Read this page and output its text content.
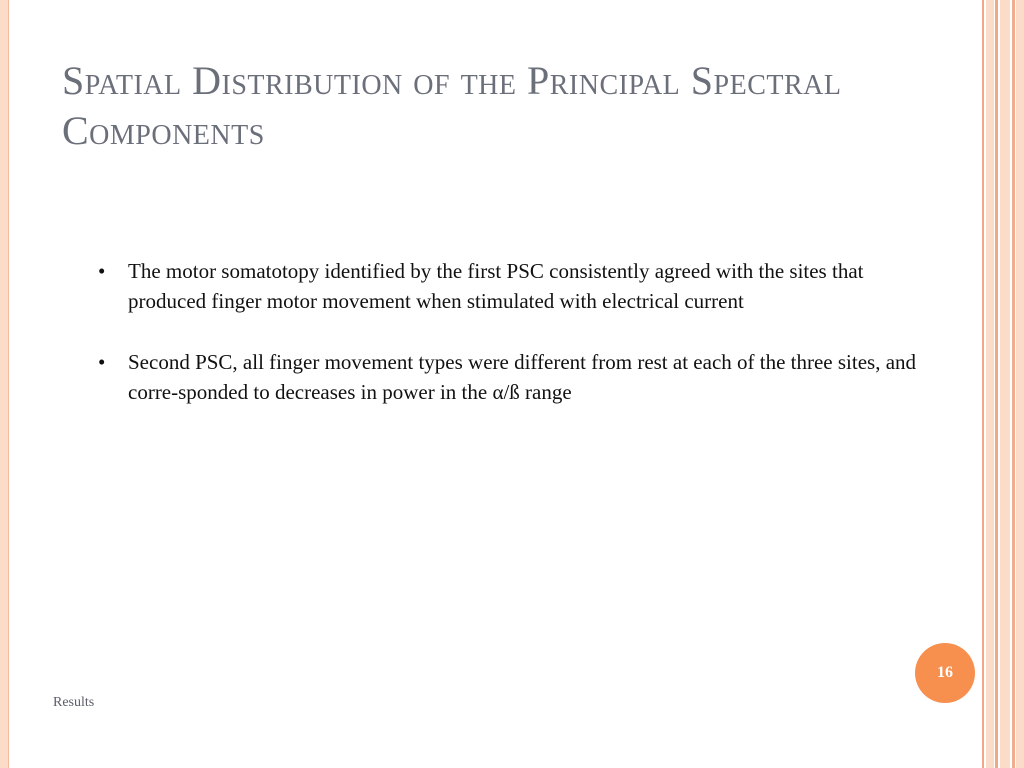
Spatial Distribution of the Principal Spectral Components
• The motor somatotopy identified by the first PSC consistently agreed with the sites that produced finger motor movement when stimulated with electrical current
• Second PSC, all finger movement types were different from rest at each of the three sites, and corre-sponded to decreases in power in the α/ß range
Results
16
